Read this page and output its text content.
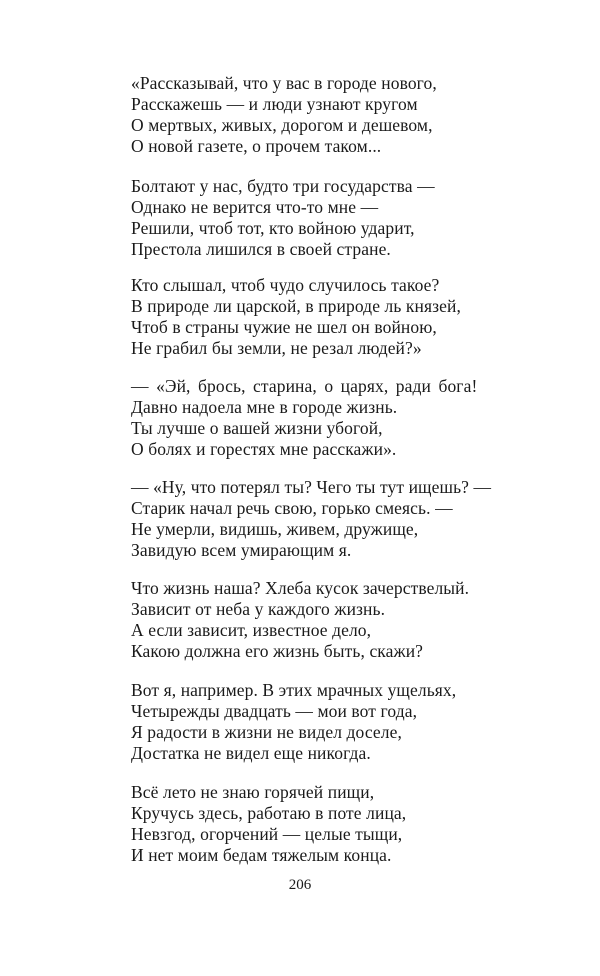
«Рассказывай, что у вас в городе нового,
Расскажешь — и люди узнают кругом
О мертвых, живых, дорогом и дешевом,
О новой газете, о прочем таком...
Болтают у нас, будто три государства —
Однако не верится что-то мне —
Решили, чтоб тот, кто войною ударит,
Престола лишился в своей стране.
Кто слышал, чтоб чудо случилось такое?
В природе ли царской, в природе ль князей,
Чтоб в страны чужие не шел он войною,
Не грабил бы земли, не резал людей?»
— «Эй, брось, старина, о царях, ради бога!
Давно надоела мне в городе жизнь.
Ты лучше о вашей жизни убогой,
О болях и горестях мне расскажи».
— «Ну, что потерял ты? Чего ты тут ищешь? —
Старик начал речь свою, горько смеясь. —
Не умерли, видишь, живем, дружище,
Завидую всем умирающим я.
Что жизнь наша? Хлеба кусок зачерствелый.
Зависит от неба у каждого жизнь.
А если зависит, известное дело,
Какою должна его жизнь быть, скажи?
Вот я, например. В этих мрачных ущельях,
Четырежды двадцать — мои вот года,
Я радости в жизни не видел доселе,
Достатка не видел еще никогда.
Всё лето не знаю горячей пищи,
Кручусь здесь, работаю в поте лица,
Невзгод, огорчений — целые тыщи,
И нет моим бедам тяжелым конца.
206
